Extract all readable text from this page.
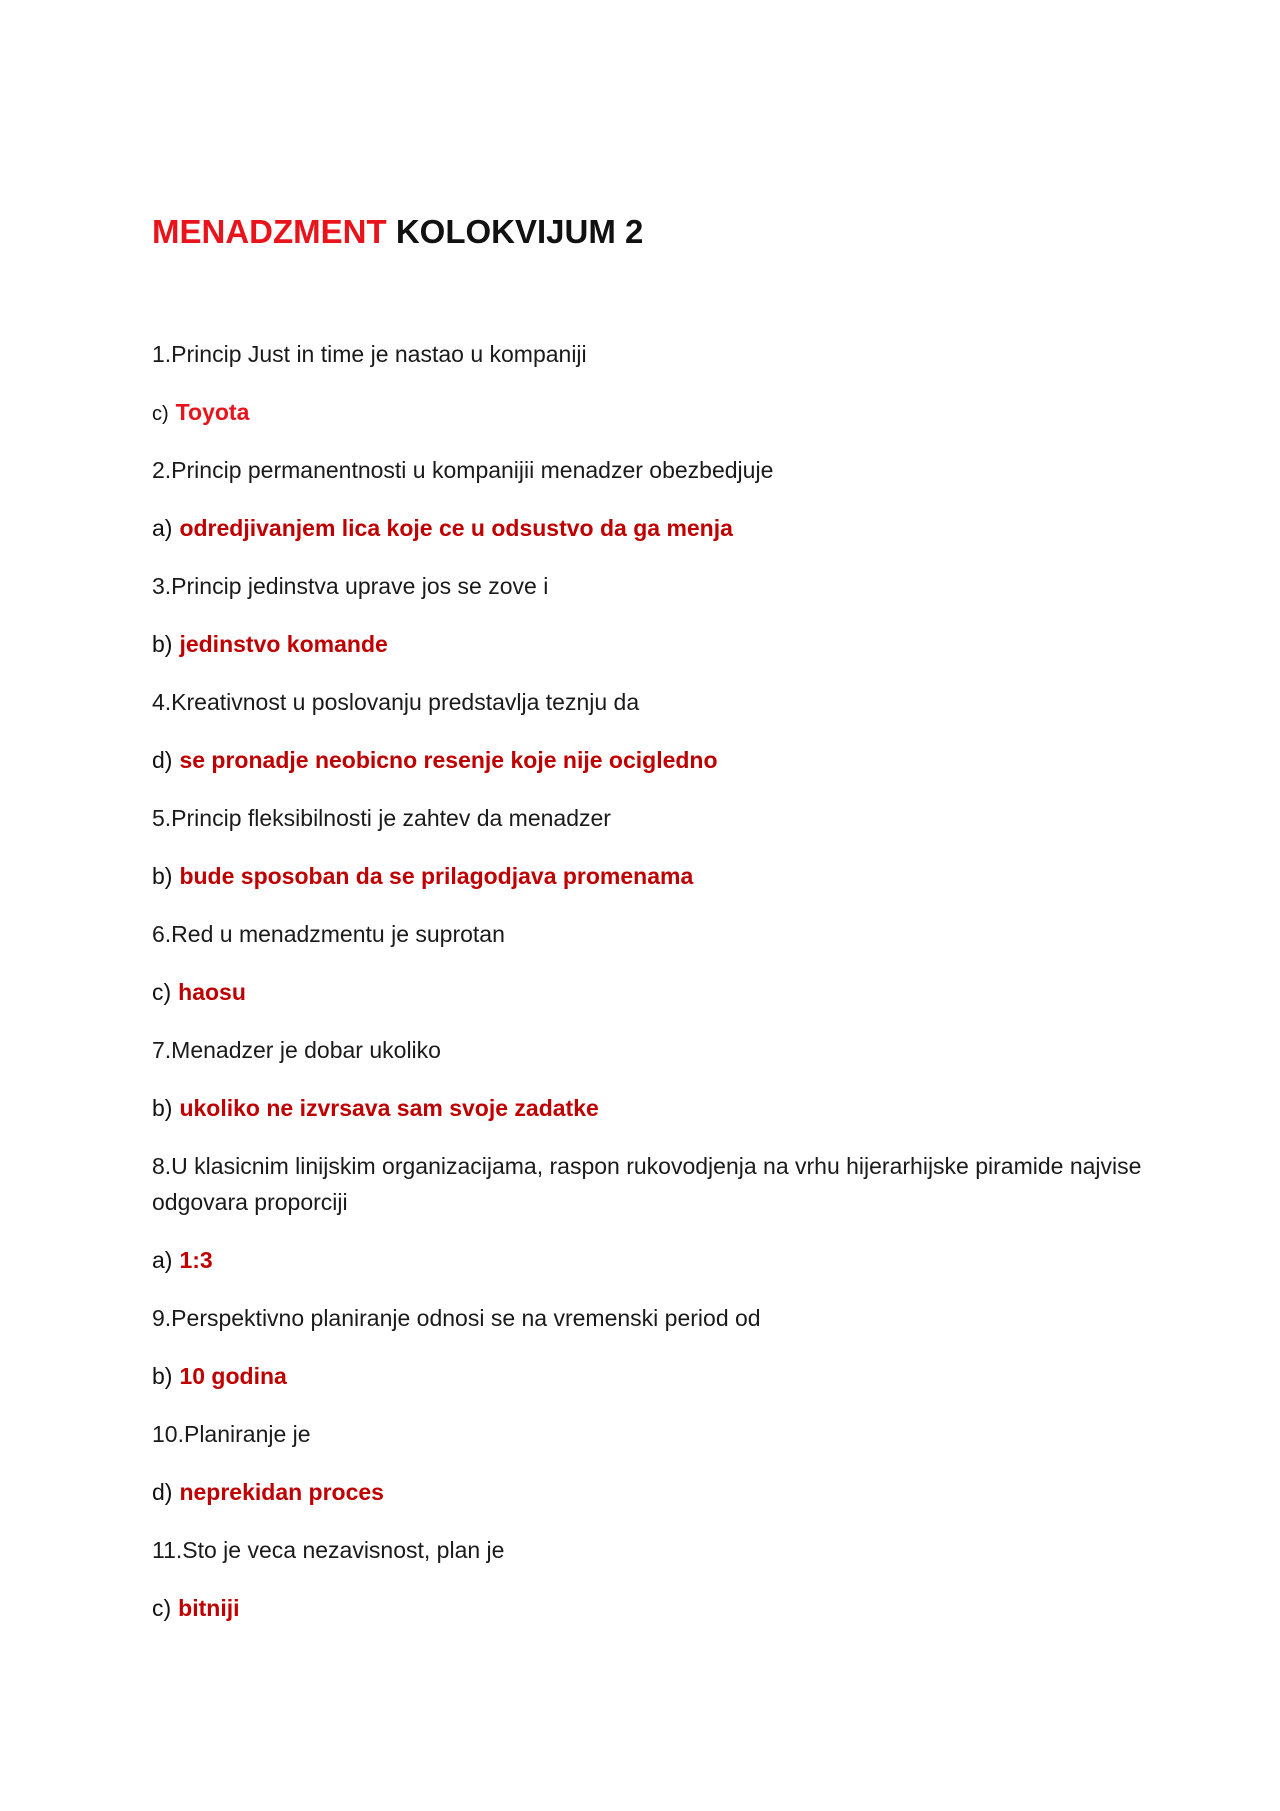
MENADZMENT KOLOKVIJUM 2

1.Princip Just in time je nastao u kompaniji

c) Toyota

2.Princip permanentnosti u kompanijii menadzer obezbedjuje

a) odredjivanjem lica koje ce u odsustvo da ga menja

3.Princip jedinstva uprave jos se zove i

b) jedinstvo komande

4.Kreativnost u poslovanju predstavlja teznju da

d) se pronadje neobicno resenje koje nije ocigledno

5.Princip fleksibilnosti je zahtev da menadzer

b) bude sposoban da se prilagodjava promenama

6.Red u menadzmentu je suprotan

c) haosu

7.Menadzer je dobar ukoliko

b) ukoliko ne izvrsava sam svoje zadatke

8.U klasicnim linijskim organizacijama, raspon rukovodjenja na vrhu hijerarhijske piramide najvise odgovara proporciji

a) 1:3

9.Perspektivno planiranje odnosi se na vremenski period od

b) 10 godina

10.Planiranje je

d) neprekidan proces

11.Sto je veca nezavisnost, plan je

c) bitniji
